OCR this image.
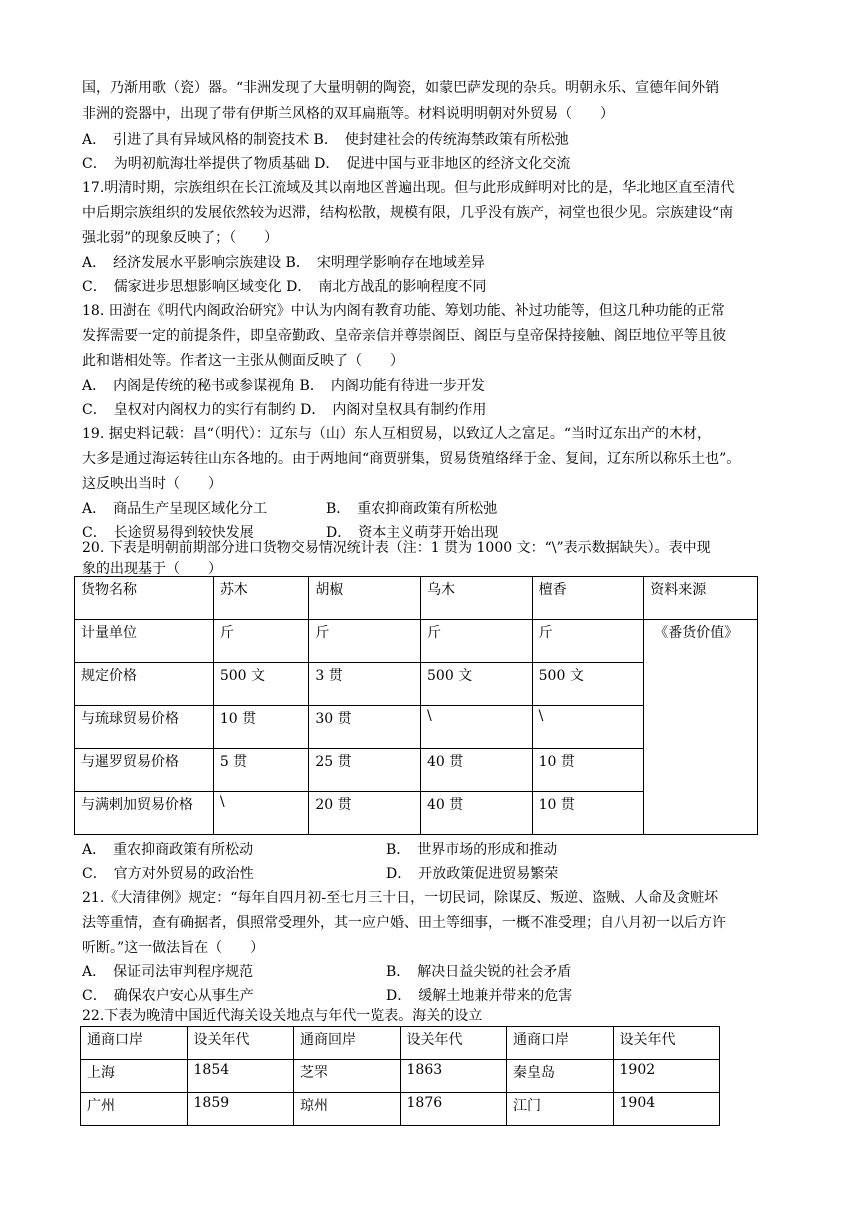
国，乃渐用歌（瓷）器。“非洲发现了大量明朝的陶瓷，如蒙巴萨发现的杂兵。明朝永乐、宣德年间外销
非洲的瓷器中，出现了带有伊斯兰风格的双耳扁瓶等。材料说明明朝对外贸易（　　）
A．　引进了具有异域风格的制瓷技术 B．　使封建社会的传统海禁政策有所松弛
C．　为明初航海壮举提供了物质基础 D．　促进中国与亚非地区的经济文化交流
17.明清时期，宗族组织在长江流域及其以南地区普遍出现。但与此形成鲜明对比的是，华北地区直至清代
中后期宗族组织的发展依然较为迟滞，结构松散，规模有限，几乎没有族产，祠堂也很少见。宗族建设“南
强北弱”的现象反映了；（　　）
A．　经济发展水平影响宗族建设 B．　宋明理学影响存在地域差异
C．　儒家进步思想影响区域变化 D．　南北方战乱的影响程度不同
18. 田澍在《明代内阁政治研究》中认为内阁有教育功能、筹划功能、补过功能等，但这几种功能的正常
发挥需要一定的前提条件，即皇帝勤政、皇帝亲信并尊崇阁臣、阁臣与皇帝保持接触、阁臣地位平等且彼
此和谐相处等。作者这一主张从侧面反映了（　　）
A．　内阁是传统的秘书或参谋视角 B．　内阁功能有待进一步开发
C．　皇权对内阁权力的实行有制约 D．　内阁对皇权具有制约作用
19. 据史料记载：昌“（明代）：辽东与（山）东人互相贸易，以致辽人之富足。“当时辽东出产的木材，
大多是通过海运转往山东各地的。由于两地间“商贾骈集，贸易货殖络绎于金、复间，辽东所以称乐土也”。
这反映出当时（　　）
A．　商品生产呈现区域化分工	B．　重农抑商政策有所松弛
C．　长途贸易得到较快发展	D．　资本主义萌芽开始出现
20. 下表是明朝前期部分进口货物交易情况统计表（注：1 贯为 1000 文：“\”表示数据缺失）。表中现
象的出现基于（　　）
货物名称	苏木	胡椒	乌木	檀香	资料来源
计量单位	斤	斤	斤	斤	《番货价值》
规定价格	500 文	3 贯	500 文	500 文	
与琉球贸易价格	10 贯	30 贯	\	\	
与暹罗贸易价格	5 贯	25 贯	40 贯	10 贯	
与满剌加贸易价格	\	20 贯	40 贯	10 贯	
A．　重农抑商政策有所松动	B．　世界市场的形成和推动
C．　官方对外贸易的政治性	D．　开放政策促进贸易繁荣
21.《大清律例》规定：“每年自四月初-至七月三十日，一切民词，除谋反、叛逆、盗贼、人命及贪赃坏
法等重情，查有确据者，俱照常受理外，其一应户婚、田土等细事，一概不准受理；自八月初一以后方许
听断。”这一做法旨在（　　）
A．　保证司法审判程序规范	B．　解决日益尖锐的社会矛盾
C．　确保农户安心从事生产	D．　缓解土地兼并带来的危害
22.下表为晚清中国近代海关设关地点与年代一览表。海关的设立
通商口岸	设关年代	通商回岸	设关年代	通商口岸	设关年代
上海	1854	芝罘	1863	秦皇岛	1902
广州	1859	琼州	1876	江门	1904
